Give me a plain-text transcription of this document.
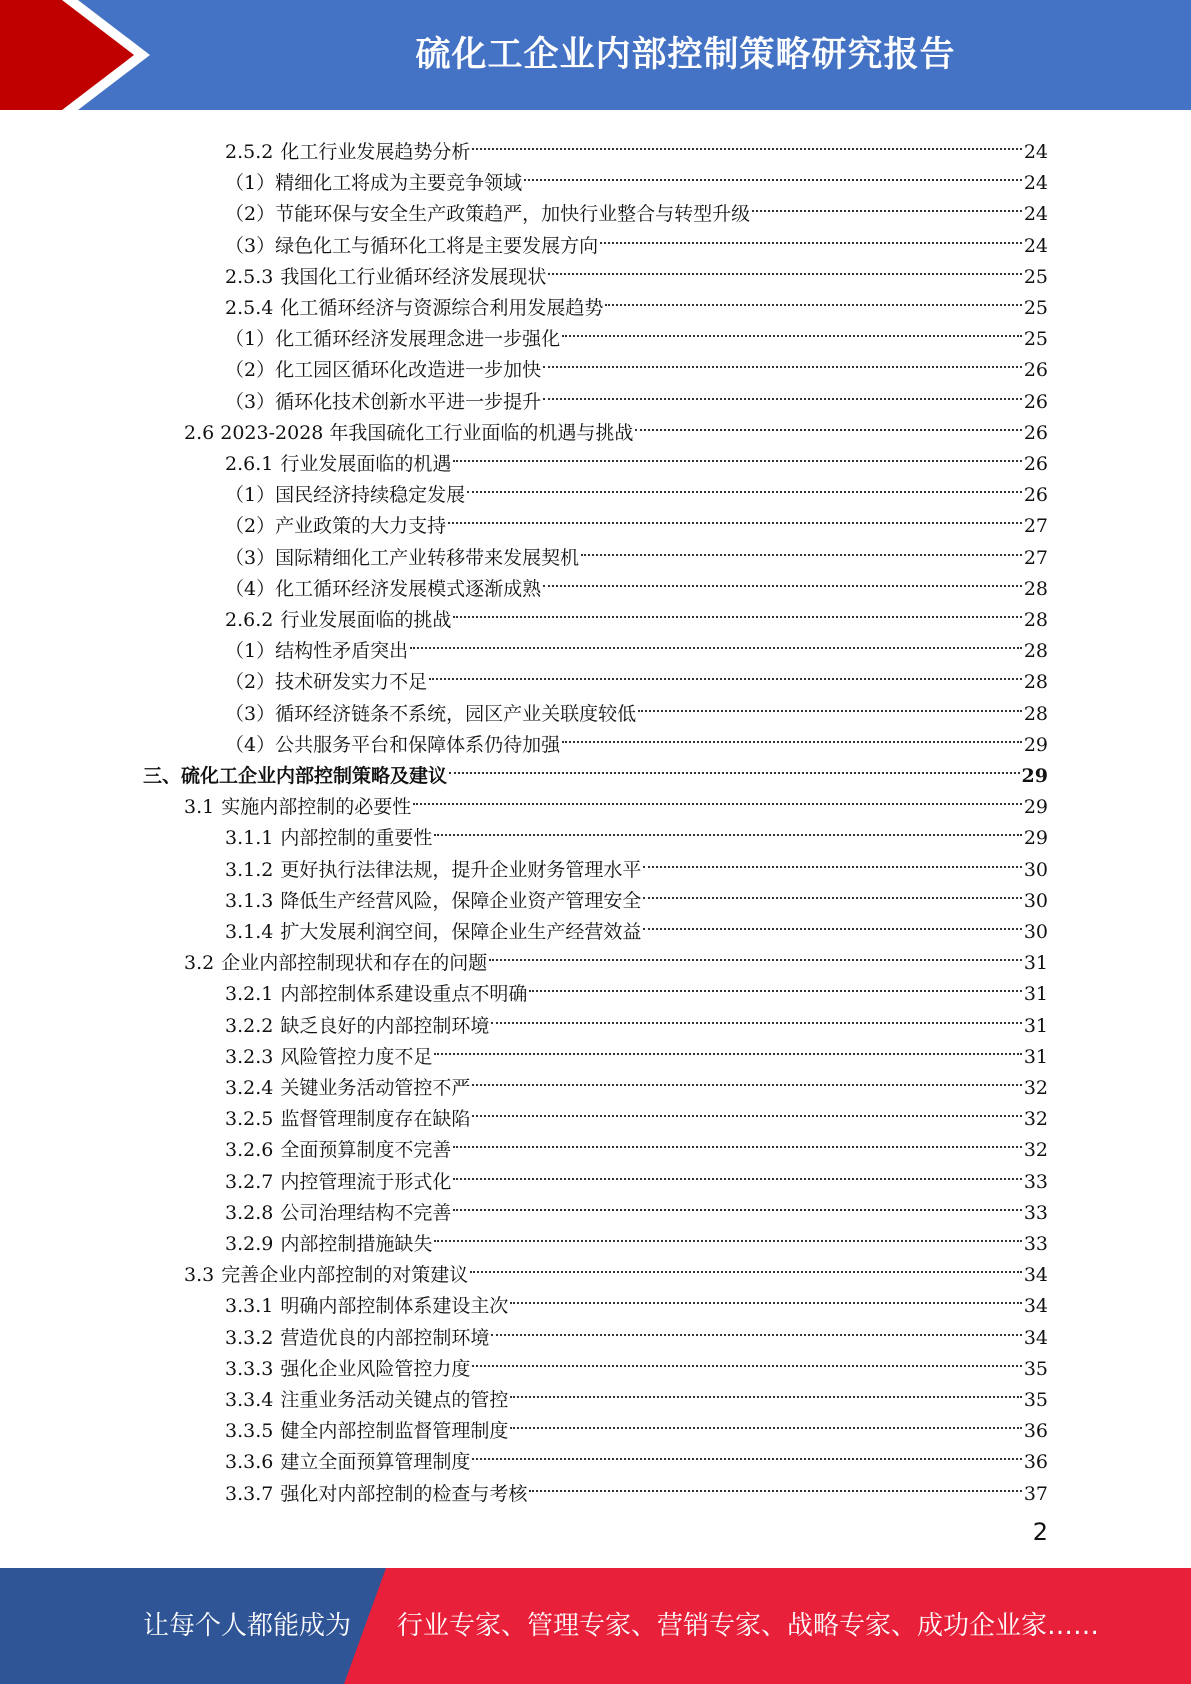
硫化工企业内部控制策略研究报告
2.5.2 化工行业发展趋势分析	24
（1）精细化工将成为主要竞争领域	24
（2）节能环保与安全生产政策趋严，加快行业整合与转型升级	24
（3）绿色化工与循环化工将是主要发展方向	24
2.5.3 我国化工行业循环经济发展现状	25
2.5.4 化工循环经济与资源综合利用发展趋势	25
（1）化工循环经济发展理念进一步强化	25
（2）化工园区循环化改造进一步加快	26
（3）循环化技术创新水平进一步提升	26
2.6 2023-2028 年我国硫化工行业面临的机遇与挑战	26
2.6.1 行业发展面临的机遇	26
（1）国民经济持续稳定发展	26
（2）产业政策的大力支持	27
（3）国际精细化工产业转移带来发展契机	27
（4）化工循环经济发展模式逐渐成熟	28
2.6.2 行业发展面临的挑战	28
（1）结构性矛盾突出	28
（2）技术研发实力不足	28
（3）循环经济链条不系统，园区产业关联度较低	28
（4）公共服务平台和保障体系仍待加强	29
三、硫化工企业内部控制策略及建议	29
3.1 实施内部控制的必要性	29
3.1.1 内部控制的重要性	29
3.1.2 更好执行法律法规，提升企业财务管理水平	30
3.1.3 降低生产经营风险，保障企业资产管理安全	30
3.1.4 扩大发展利润空间，保障企业生产经营效益	30
3.2 企业内部控制现状和存在的问题	31
3.2.1 内部控制体系建设重点不明确	31
3.2.2 缺乏良好的内部控制环境	31
3.2.3 风险管控力度不足	31
3.2.4 关键业务活动管控不严	32
3.2.5 监督管理制度存在缺陷	32
3.2.6 全面预算制度不完善	32
3.2.7 内控管理流于形式化	33
3.2.8 公司治理结构不完善	33
3.2.9 内部控制措施缺失	33
3.3 完善企业内部控制的对策建议	34
3.3.1 明确内部控制体系建设主次	34
3.3.2 营造优良的内部控制环境	34
3.3.3 强化企业风险管控力度	35
3.3.4 注重业务活动关键点的管控	35
3.3.5 健全内部控制监督管理制度	36
3.3.6 建立全面预算管理制度	36
3.3.7 强化对内部控制的检查与考核	37
2
让每个人都能成为 行业专家、管理专家、营销专家、战略专家、成功企业家……
